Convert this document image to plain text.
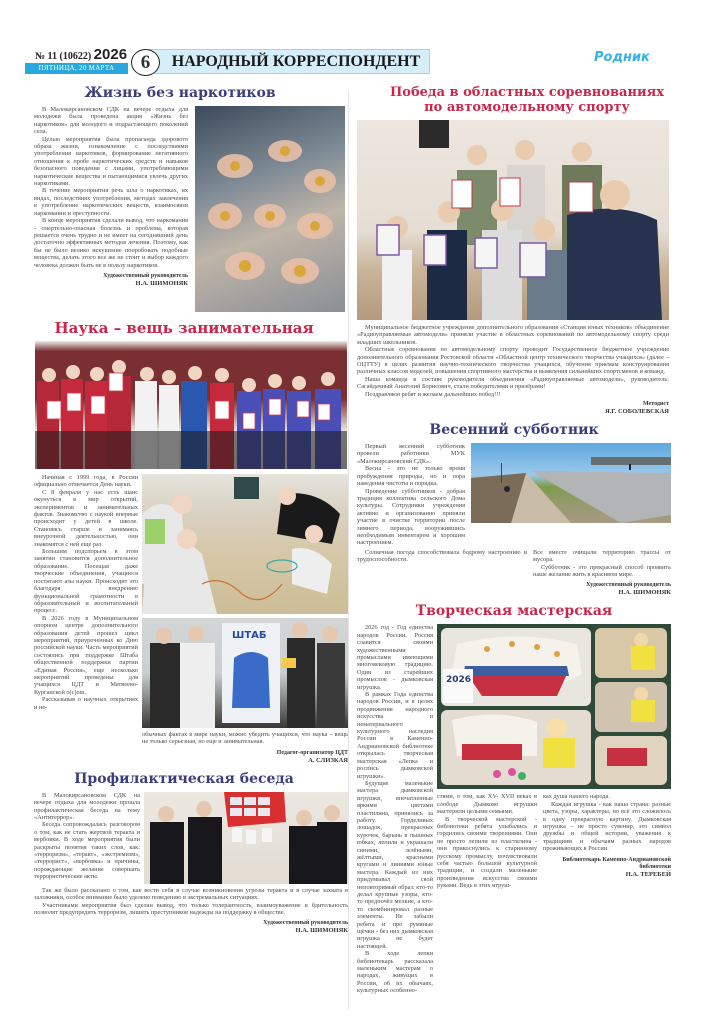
№ 11 (10622) 2026
ПЯТНИЦА, 20 МАРТА	НАРОДНЫЙ КОРРЕСПОНДЕНТ
6	Родник
Жизнь без наркотиков

В Малокирсановском СДК на вечере отдыха для молодежи была проведена акция «Жизнь без наркотиков» для молодого и подрастающего поколений села.

Целью мероприятия была пропаганда здорового образа жизни, ознакомление с последствиями употребления наркотиков, формирование негативного отношения к пробе наркотических средств и навыков безопасного поведения с лицами, употребляющими наркотические вещества и пытающимися увлечь других наркотиками.

В течение мероприятия речь шла о наркотиках, их видах, последствиях употребления, методах завлечения в употребление наркотических веществ, взаимосвязи наркомании и преступности.

В конце мероприятия сделали вывод, что наркомания - смертельно-опасная болезнь и проблема, которая решается очень трудно и не имеет на сегодняшний день достаточно эффективных методов лечения. Поэтому, как бы не было велико искушение попробовать подобные вещества, делать этого все же не стоит и выбор каждого человека должен быть не в пользу наркотиков.

Художественный руководитель
Н.А. ШИМОНЯК
Наука – вещь занимательная

Начиная с 1999 года, в России официально отмечается День науки.

С 8 февраля у нас есть шанс окунуться в мир открытий, экспериментов и занимательных фактов. Знакомство с наукой впервые происходит у детей в школе. Становясь старше и занимаясь внеурочной деятельностью, они знакомятся с ней еще раз.

Большим подспорьем в этом занятии становится дополнительное образование. Посещая даже творческие объединения, учащиеся постигают азы науки. Происходит это благодаря внедрению функциональной грамотности в образовательный и воспитательный процесс.

В 2026 году в Муниципальном опорном центре дополнительного образования детей прошел цикл мероприятий, приуроченных ко Дню российской науки. Часть мероприятий состоялись при поддержке Штаба общественной поддержки партии «Единая Россия», еще несколько мероприятий проведены для учащихся ЦДТ и Матвеево-Курганской о(с)ош.

Рассказывая о научных открытиях и не-

ШТАБ

обычных фактах в мире науки, можно убедить учащихся, что наука – вещь не только серьезная, но еще и занимательная.

Педагог-организатор ЦДТ
А. СЛИЗКАЯ
Профилактическая беседа

В Малокирсановском СДК на вечере отдыха для молодежи прошла профилактическая беседа на тему «Антитеррор».

Беседа сопровождалась разговором о том, как не стать жертвой теракта и вербовки. В ходе мероприятия были раскрыты понятия таких слов, как: «терроризм», «теракт», «экстремизм», «террорист», «вербовка» и причины, порождающие желание совершать террористические акты.

Так же было рассказано о том, как вести себя в случае возникновения угрозы теракта и в случае захвата в заложники, особое внимание было уделено поведению в экстремальных ситуациях.

Участниками мероприятия был сделан вывод, что только толерантность, взаимоуважение и бдительность позволят предупредить терроризм, лишить преступников надежды на поддержку в обществе.

Художественный руководитель
Н.А. ШИМОНЯК
Победа в областных соревнованиях
по автомодельному спорту

Муниципальное бюджетное учреждение дополнительного образования «Станция юных техников» объединение «Радиоуправляемые автомодели» приняли участие в областных соревнований по автомодельному спорту среди младших школьников.

Областные соревнования по автомодельному спорту проводит Государственное бюджетное учреждение дополнительного образования Ростовской области «Областной центр технического творчества учащихся» (далее – ОЦТТУ) в целях развития научно-технического творчества учащихся, обучения приемам конструирования различных классов моделей, повышения спортивного мастерства и выявления сильнейших спортсменов и команд.

Наша команда в составе руководителя объединения «Радиоуправляемые автомодели», руководитель: Сагайдачный Анатолий Борисович, стали победителями и призёрами!

Поздравляем ребят и желаем дальнейших побед!!!

Методист
Я.Г. СОБОЛЕВСКАЯ
Весенний субботник

Первый весенний субботник провели работники МУК «Малокирсановский СДК».

Весна - это не только время пробуждения природы, но и пора наведения чистоты и порядка.

Проведение субботников - добрая традиция коллектива сельского Дома культуры. Сотрудники учреждения активно и организованно приняли участие в очистке территории после зимнего периода, вооружившись необходимым инвентарем и хорошим настроением.

Солнечная погода способствовала бодрому настроению и трудоспособности.

Все вместе очищали территорию трассы от мусора.

Субботник - это прекрасный способ проявить наше желание жить в красивом мире.

Художественный руководитель
Н.А. ШИМОНЯК
Творческая мастерская

2026 год - Год единства народов России. Россия славится своими художественными промыслами имеющими многовековую традицию. Один из старейших промыслов - дымковская игрушка.

В рамках Года единства народов России, и в целях продвижения народного искусства и нематериального культурного наследия России в Каменно-Андриановской библиотеке открылась творческая мастерская «Лепка и роспись дымковской игрушки».

Будущие маленькие мастера дымковской игрушки, впечатленные яркими цветами пластилина, принялись за работу. Горделивых лошадок, прекрасных курочек, барынь в пышных юбках, лепили и украшали синими, зелёными, жёлтыми, красными кругами и линиями юные мастера. Каждый из них придумывал свой неповторимый образ: кто-то делал крупные узоры, кто-то предпочёл мелкие, а кто-то скомбинировал разные элементы. Не забыли ребята и про румяные щёчки - без них дымковская игрушка не будет настоящей.

В ходе лепки библиотекарь рассказала маленьким мастерам о народах, живущих в России, об их обычаях, культурных особенно-

2026

стями, о том, как XV- XVII веках в слободе Дымково игрушки мастерили целыми семьями.

В творческой мастерской - библиотеки ребята улыбались и гордились своими творениями. Они не просто лепили из пластилина - они прикоснулись к старинному русскому промыслу, почувствовали себя частью большой культурной традиции, и создали маленькие произведения искусства своими руками. Ведь в этих игруш-

ках душа нашего народа.

Каждая игрушка - как наша страна: разные цвета, узоры, характеры, но всё это сложилось в одну прекрасную картину. Дымковская игрушка – не просто сувенир, это символ дружбы и общей истории, уважения к традициям и обычаям разных народов проживающих в России.

Библиотекарь Каменно-Андриановской библиотеки
Н.А. ТЕРЕБЕЙ
